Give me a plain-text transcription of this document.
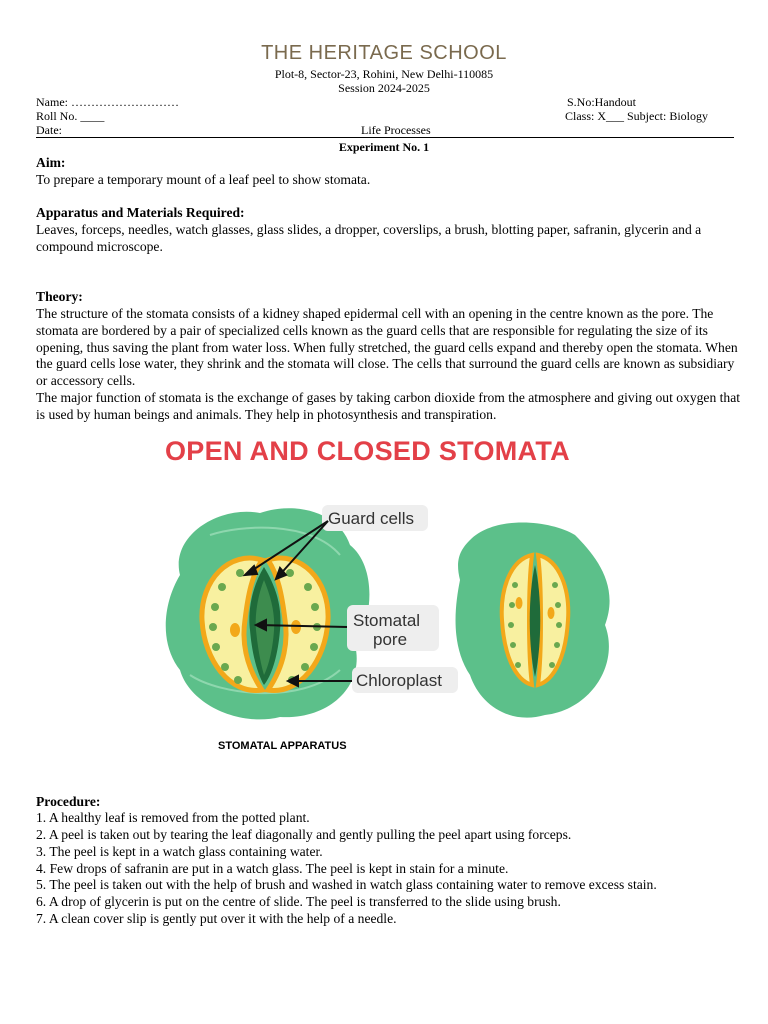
THE HERITAGE SCHOOL
Plot-8, Sector-23, Rohini, New Delhi-110085
Session 2024-2025
Name: ………………………	S.No:Handout
Roll No. ____	Class: X___ Subject: Biology
Date:	Life Processes
Experiment No. 1
Aim:
To prepare a temporary mount of a leaf peel to show stomata.
Apparatus and Materials Required:
Leaves, forceps, needles, watch glasses, glass slides, a dropper, coverslips, a brush, blotting paper, safranin, glycerin and a compound microscope.
Theory:
The structure of the stomata consists of a kidney shaped epidermal cell with an opening in the centre known as the pore. The stomata are bordered by a pair of specialized cells known as the guard cells that are responsible for regulating the size of its opening, thus saving the plant from water loss. When fully stretched, the guard cells expand and thereby open the stomata. When the guard cells lose water, they shrink and the stomata will close. The cells that surround the guard cells are known as subsidiary or accessory cells.
The major function of stomata is the exchange of gases by taking carbon dioxide from the atmosphere and giving out oxygen that is used by human beings and animals. They help in photosynthesis and transpiration.
OPEN AND CLOSED STOMATA
Guard cells
Stomatal
pore
Chloroplast
STOMATAL APPARATUS
Procedure:
1. A healthy leaf is removed from the potted plant.
2. A peel is taken out by tearing the leaf diagonally and gently pulling the peel apart using forceps.
3. The peel is kept in a watch glass containing water.
4. Few drops of safranin are put in a watch glass. The peel is kept in stain for a minute.
5. The peel is taken out with the help of brush and washed in watch glass containing water to remove excess stain.
6. A drop of glycerin is put on the centre of slide. The peel is transferred to the slide using brush.
7. A clean cover slip is gently put over it with the help of a needle.
